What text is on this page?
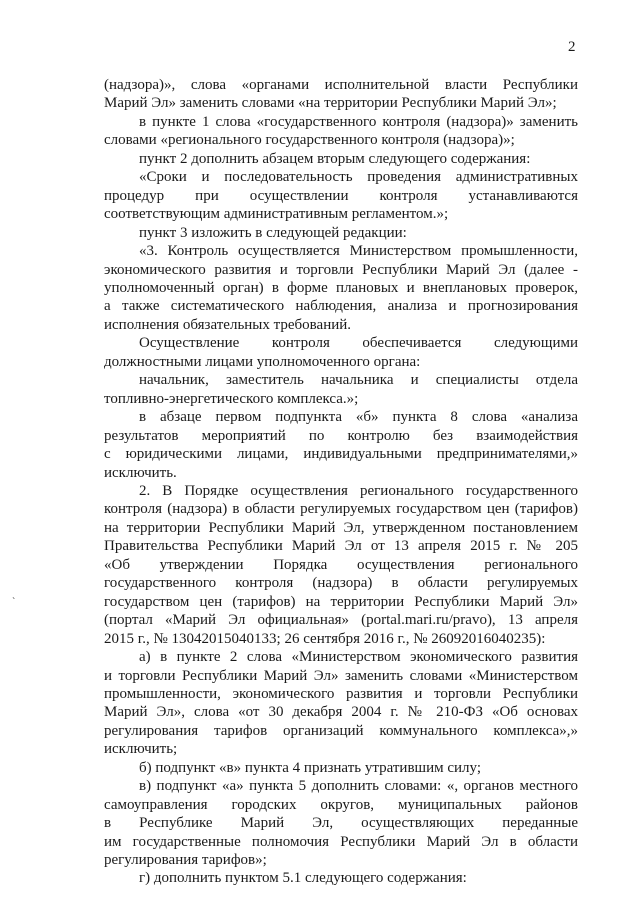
2
`

(надзора)», слова «органами исполнительной власти Республики
Марий Эл» заменить словами «на территории Республики Марий Эл»;

в пункте 1 слова «государственного контроля (надзора)» заменить
словами «регионального государственного контроля (надзора)»;

пункт 2 дополнить абзацем вторым следующего содержания:

«Сроки и последовательность проведения административных
процедур при осуществлении контроля устанавливаются
соответствующим административным регламентом.»;

пункт 3 изложить в следующей редакции:

«3. Контроль осуществляется Министерством промышленности,
экономического развития и торговли Республики Марий Эл (далее -
уполномоченный орган) в форме плановых и внеплановых проверок,
а также систематического наблюдения, анализа и прогнозирования
исполнения обязательных требований.

Осуществление контроля обеспечивается следующими
должностными лицами уполномоченного органа:

начальник, заместитель начальника и специалисты отдела
топливно-энергетического комплекса.»;

в абзаце первом подпункта «б» пункта 8 слова «анализа
результатов мероприятий по контролю без взаимодействия
с юридическими лицами, индивидуальными предпринимателями,»
исключить.

2. В Порядке осуществления регионального государственного
контроля (надзора) в области регулируемых государством цен (тарифов)
на территории Республики Марий Эл, утвержденном постановлением
Правительства Республики Марий Эл от 13 апреля 2015 г. № 205
«Об утверждении Порядка осуществления регионального
государственного контроля (надзора) в области регулируемых
государством цен (тарифов) на территории Республики Марий Эл»
(портал «Марий Эл официальная» (portal.mari.ru/pravo), 13 апреля
2015 г., № 13042015040133; 26 сентября 2016 г., № 26092016040235):

а) в пункте 2 слова «Министерством экономического развития
и торговли Республики Марий Эл» заменить словами «Министерством
промышленности, экономического развития и торговли Республики
Марий Эл», слова «от 30 декабря 2004 г. № 210-ФЗ «Об основах
регулирования тарифов организаций коммунального комплекса»,»
исключить;

б) подпункт «в» пункта 4 признать утратившим силу;

в) подпункт «а» пункта 5 дополнить словами: «, органов местного
самоуправления городских округов, муниципальных районов
в Республике Марий Эл, осуществляющих переданные
им государственные полномочия Республики Марий Эл в области
регулирования тарифов»;

г) дополнить пунктом 5.1 следующего содержания:
